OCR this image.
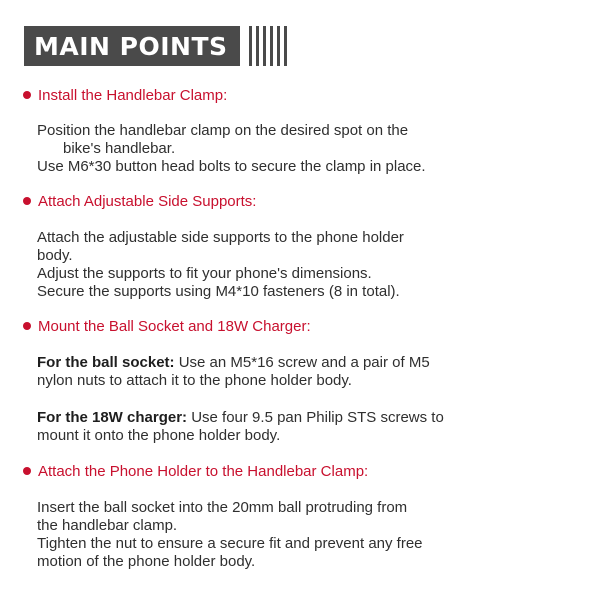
MAIN POINTS
Install the Handlebar Clamp:
Position the handlebar clamp on the desired spot on the
bike's handlebar.
Use M6*30 button head bolts to secure the clamp in place.
Attach Adjustable Side Supports:
Attach the adjustable side supports to the phone holder
body.
Adjust the supports to fit your phone's dimensions.
Secure the supports using M4*10 fasteners (8 in total).
Mount the Ball Socket and 18W Charger:
For the ball socket: Use an M5*16 screw and a pair of M5
nylon nuts to attach it to the phone holder body.
For the 18W charger: Use four 9.5 pan Philip STS screws to
mount it onto the phone holder body.
Attach the Phone Holder to the Handlebar Clamp:
Insert the ball socket into the 20mm ball protruding from
the handlebar clamp.
Tighten the nut to ensure a secure fit and prevent any free
motion of the phone holder body.
